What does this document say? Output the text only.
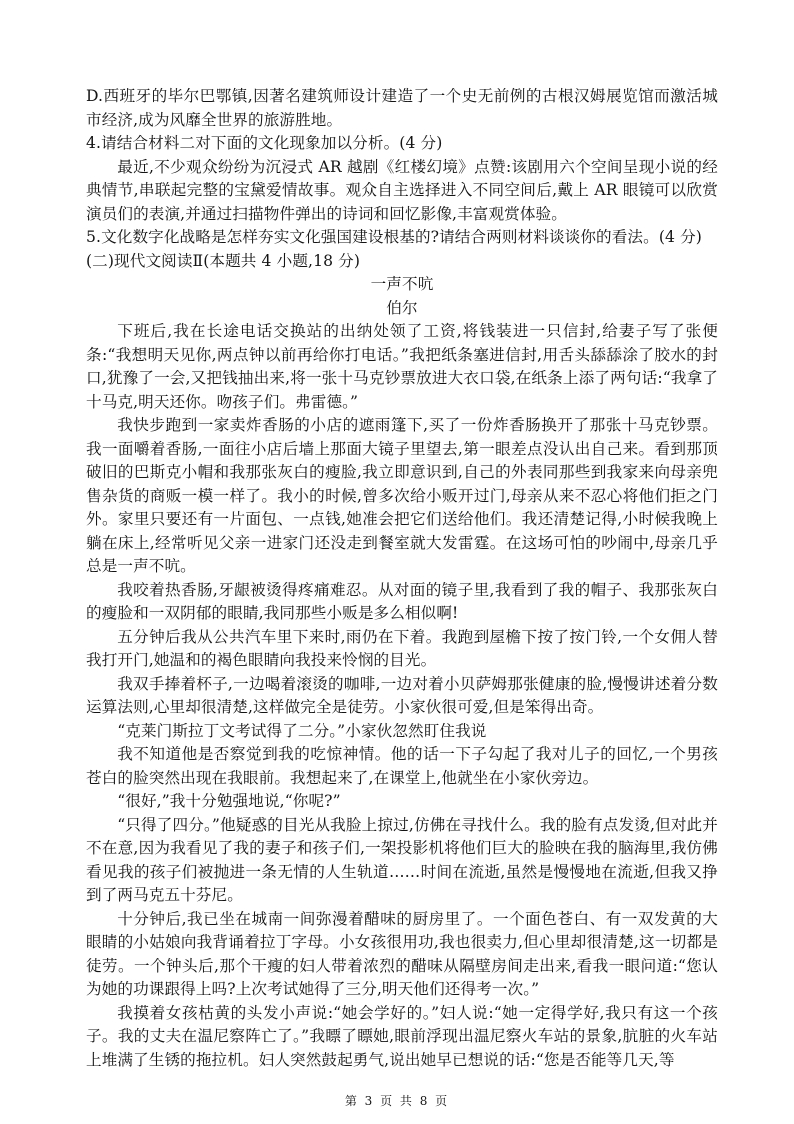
D.西班牙的毕尔巴鄂镇,因著名建筑师设计建造了一个史无前例的古根汉姆展览馆而激活城市经济,成为风靡全世界的旅游胜地。

4.请结合材料二对下面的文化现象加以分析。(4 分)

最近,不少观众纷纷为沉浸式 AR 越剧《红楼幻境》点赞:该剧用六个空间呈现小说的经典情节,串联起完整的宝黛爱情故事。观众自主选择进入不同空间后,戴上 AR 眼镜可以欣赏演员们的表演,并通过扫描物件弹出的诗词和回忆影像,丰富观赏体验。

5.文化数字化战略是怎样夯实文化强国建设根基的?请结合两则材料谈谈你的看法。(4 分)

(二)现代文阅读Ⅱ(本题共 4 小题,18 分)

一声不吭

伯尔

下班后,我在长途电话交换站的出纳处领了工资,将钱装进一只信封,给妻子写了张便条:“我想明天见你,两点钟以前再给你打电话。”我把纸条塞进信封,用舌头舔舔涂了胶水的封口,犹豫了一会,又把钱抽出来,将一张十马克钞票放进大衣口袋,在纸条上添了两句话:“我拿了十马克,明天还你。吻孩子们。弗雷德。”

我快步跑到一家卖炸香肠的小店的遮雨篷下,买了一份炸香肠换开了那张十马克钞票。我一面嚼着香肠,一面往小店后墙上那面大镜子里望去,第一眼差点没认出自己来。看到那顶破旧的巴斯克小帽和我那张灰白的瘦脸,我立即意识到,自己的外表同那些到我家来向母亲兜售杂货的商贩一模一样了。我小的时候,曾多次给小贩开过门,母亲从来不忍心将他们拒之门外。家里只要还有一片面包、一点钱,她准会把它们送给他们。我还清楚记得,小时候我晚上躺在床上,经常听见父亲一进家门还没走到餐室就大发雷霆。在这场可怕的吵闹中,母亲几乎总是一声不吭。

我咬着热香肠,牙龈被烫得疼痛难忍。从对面的镜子里,我看到了我的帽子、我那张灰白的瘦脸和一双阴郁的眼睛,我同那些小贩是多么相似啊!

五分钟后我从公共汽车里下来时,雨仍在下着。我跑到屋檐下按了按门铃,一个女佣人替我打开门,她温和的褐色眼睛向我投来怜悯的目光。

我双手捧着杯子,一边喝着滚烫的咖啡,一边对着小贝萨姆那张健康的脸,慢慢讲述着分数运算法则,心里却很清楚,这样做完全是徒劳。小家伙很可爱,但是笨得出奇。

“克莱门斯拉丁文考试得了二分。”小家伙忽然盯住我说

我不知道他是否察觉到我的吃惊神情。他的话一下子勾起了我对儿子的回忆,一个男孩苍白的脸突然出现在我眼前。我想起来了,在课堂上,他就坐在小家伙旁边。

“很好,”我十分勉强地说,“你呢?”

“只得了四分。”他疑惑的目光从我脸上掠过,仿佛在寻找什么。我的脸有点发烫,但对此并不在意,因为我看见了我的妻子和孩子们,一架投影机将他们巨大的脸映在我的脑海里,我仿佛看见我的孩子们被抛进一条无情的人生轨道……时间在流逝,虽然是慢慢地在流逝,但我又挣到了两马克五十芬尼。

十分钟后,我已坐在城南一间弥漫着醋味的厨房里了。一个面色苍白、有一双发黄的大眼睛的小姑娘向我背诵着拉丁字母。小女孩很用功,我也很卖力,但心里却很清楚,这一切都是徒劳。一个钟头后,那个干瘦的妇人带着浓烈的醋味从隔壁房间走出来,看我一眼问道:“您认为她的功课跟得上吗?上次考试她得了三分,明天他们还得考一次。”

我摸着女孩枯黄的头发小声说:“她会学好的。”妇人说:“她一定得学好,我只有这一个孩子。我的丈夫在温尼察阵亡了。”我瞟了瞟她,眼前浮现出温尼察火车站的景象,肮脏的火车站上堆满了生锈的拖拉机。妇人突然鼓起勇气,说出她早已想说的话:“您是否能等几天,等

第 3 页 共 8 页
